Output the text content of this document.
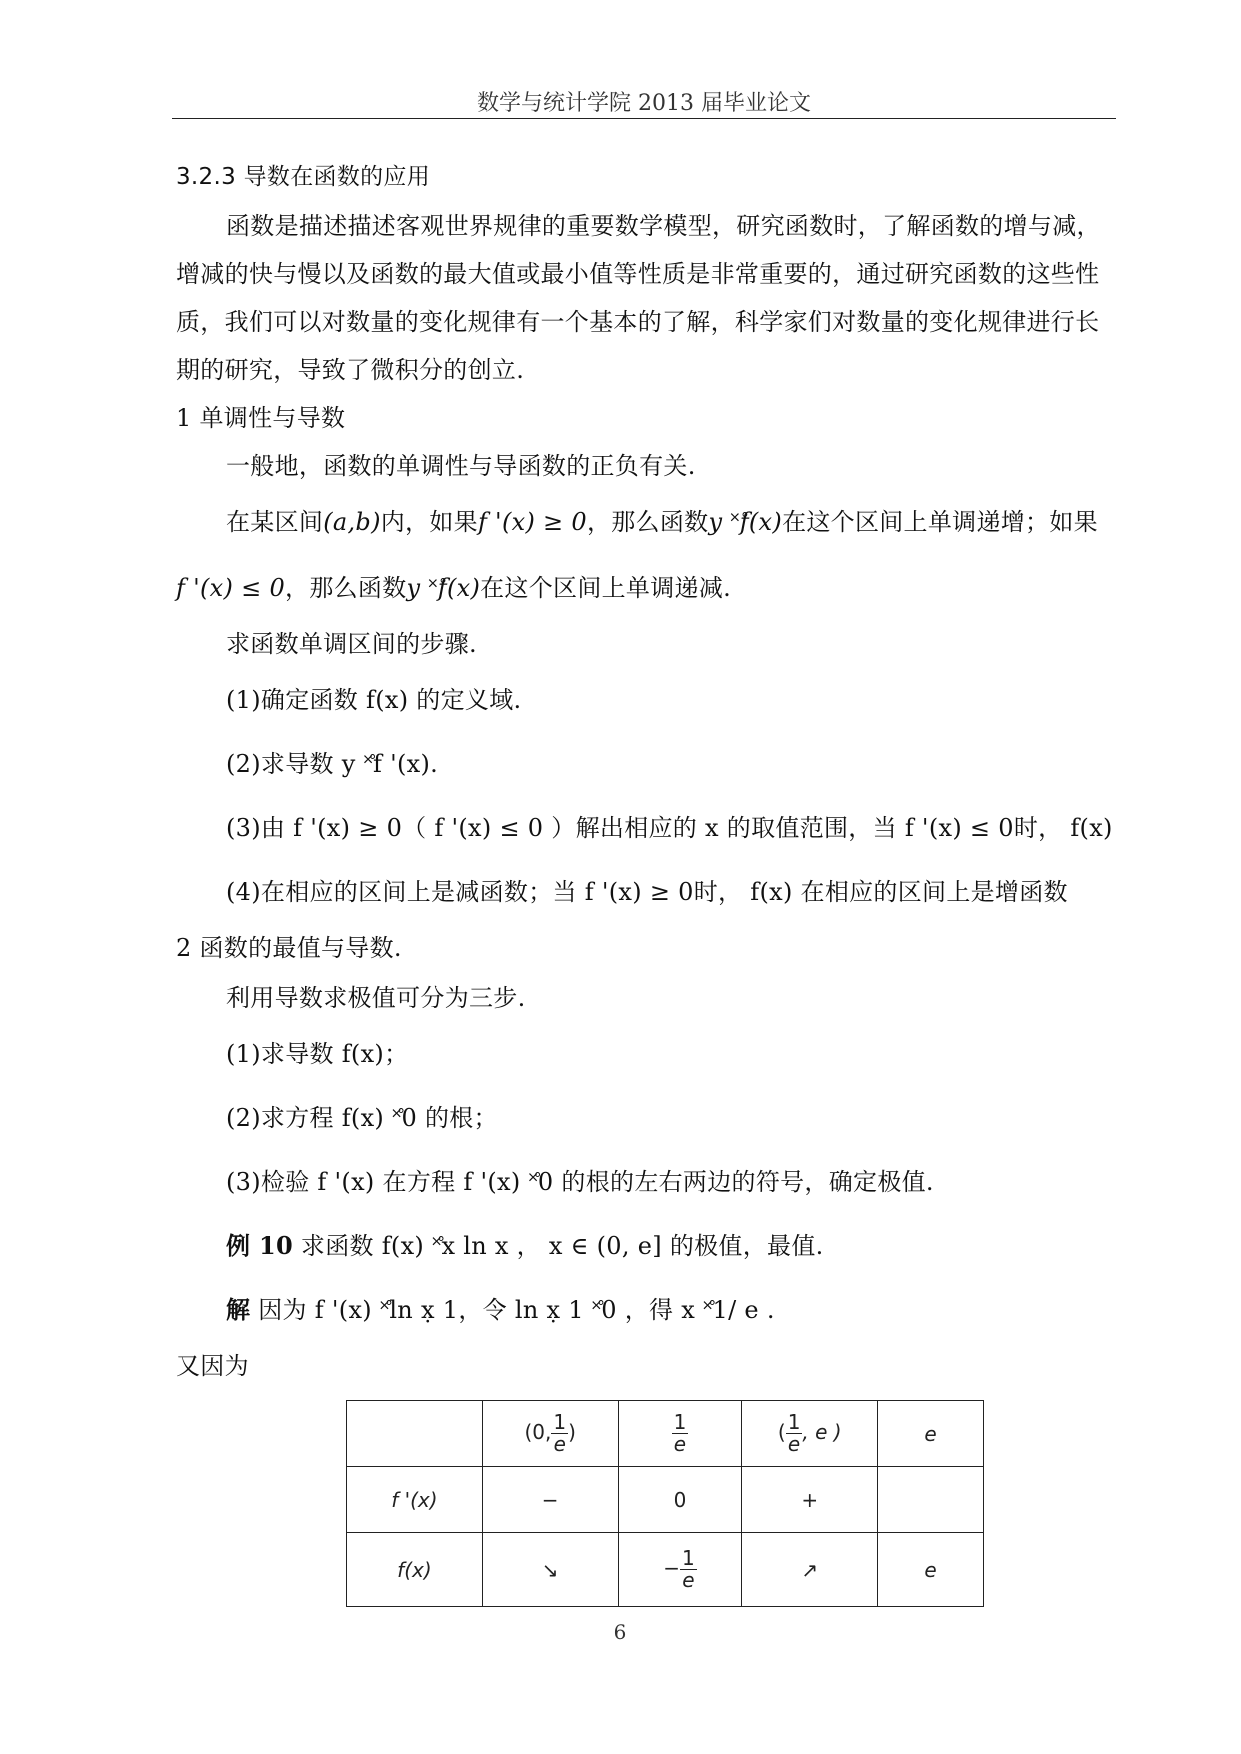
数学与统计学院 2013 届毕业论文
3.2.3 导数在函数的应用
函数是描述描述客观世界规律的重要数学模型，研究函数时，了解函数的增与减，
增减的快与慢以及函数的最大值或最小值等性质是非常重要的，通过研究函数的这些性
质，我们可以对数量的变化规律有一个基本的了解，科学家们对数量的变化规律进行长
期的研究，导致了微积分的创立.
1 单调性与导数
一般地，函数的单调性与导函数的正负有关.
在某区间(a,b)内，如果f '(x) ≥ 0，那么函数y ˟̊f(x)在这个区间上单调递增；如果
f '(x) ≤ 0，那么函数y ˟̊f(x)在这个区间上单调递减.
求函数单调区间的步骤.
(1)确定函数 f(x) 的定义域.
(2)求导数 y ˟̊f '(x).
(3)由 f '(x) ≥ 0（ f '(x) ≤ 0 ）解出相应的 x 的取值范围，当 f '(x) ≤ 0时， f(x)
(4)在相应的区间上是减函数；当 f '(x) ≥ 0时， f(x) 在相应的区间上是增函数
2 函数的最值与导数.
利用导数求极值可分为三步.
(1)求导数 f(x)；
(2)求方程 f(x) ˟̊0 的根；
(3)检验 f '(x) 在方程 f '(x) ˟̊0 的根的左右两边的符号，确定极值.
例 10 求函数 f(x) ˟̊x ln x ， x ∈ (0, e] 的极值，最值.
解 因为 f '(x) ˟̊ln x̣ 1，令 ln x̣ 1 ˟̊0 ，得 x ˟̊1/ e .
又因为
	(0, $\frac{1}{e}$ )	$\frac{1}{e}$	( $\frac{1}{e}$ , e )	e
f '(x)	−	0	+	
f(x)	↘	− $\frac{1}{e}$	↗	e
6
